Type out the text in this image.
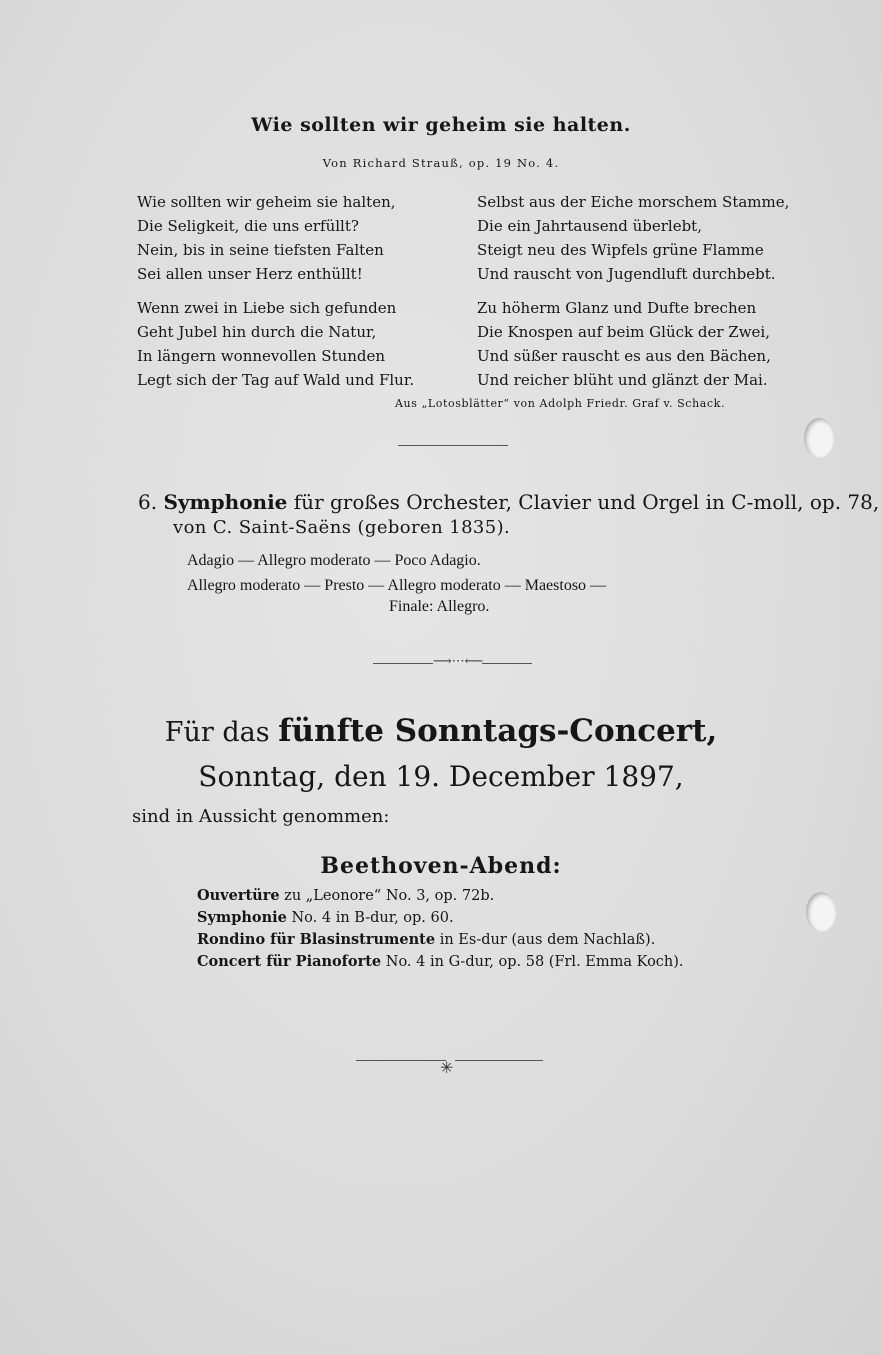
Wie sollten wir geheim sie halten.
Von Richard Strauß, op. 19 No. 4.
Wie sollten wir geheim sie halten,
Die Seligkeit, die uns erfüllt?
Nein, bis in seine tiefsten Falten
Sei allen unser Herz enthüllt!
Wenn zwei in Liebe sich gefunden
Geht Jubel hin durch die Natur,
In längern wonnevollen Stunden
Legt sich der Tag auf Wald und Flur.
Selbst aus der Eiche morschem Stamme,
Die ein Jahrtausend überlebt,
Steigt neu des Wipfels grüne Flamme
Und rauscht von Jugendluft durchbebt.
Zu höherm Glanz und Dufte brechen
Die Knospen auf beim Glück der Zwei,
Und süßer rauscht es aus den Bächen,
Und reicher blüht und glänzt der Mai.
Aus „Lotosblätter“ von Adolph Friedr. Graf v. Schack.
6. Symphonie für großes Orchester, Clavier und Orgel in C-moll, op. 78,
von C. Saint-Saëns (geboren 1835).
Adagio — Allegro moderato — Poco Adagio.
Allegro moderato — Presto — Allegro moderato — Maestoso —
Finale: Allegro.
⟶⋯⟵
Für das fünfte Sonntags-Concert,
Sonntag, den 19. December 1897,
sind in Aussicht genommen:
Beethoven-Abend:
Ouvertüre zu „Leonore“ No. 3, op. 72b.
Symphonie No. 4 in B-dur, op. 60.
Rondino für Blasinstrumente in Es-dur (aus dem Nachlaß).
Concert für Pianoforte No. 4 in G-dur, op. 58 (Frl. Emma Koch).
✳
